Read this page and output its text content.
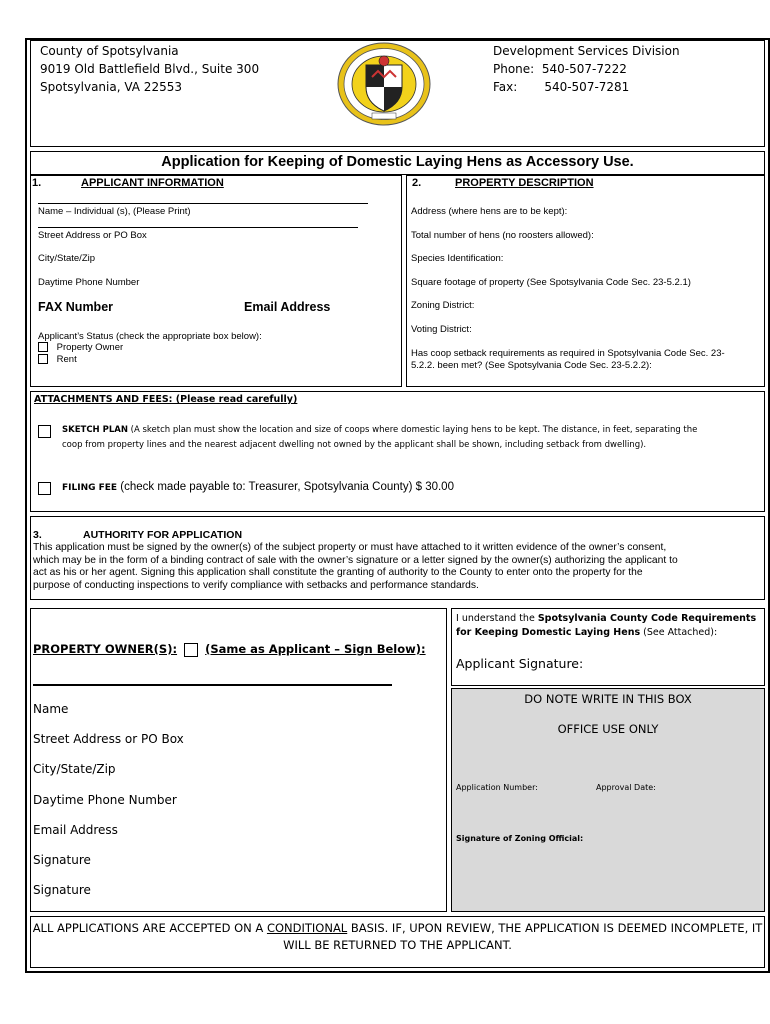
County of Spotsylvania
9019 Old Battlefield Blvd., Suite 300
Spotsylvania, VA 22553
Development Services Division
Phone: 540-507-7222
Fax: 540-507-7281
Application for Keeping of Domestic Laying Hens as Accessory Use.
1.	APPLICANT INFORMATION
Name – Individual (s), (Please Print)
Street Address or PO Box
City/State/Zip
Daytime Phone Number
FAX Number	Email Address
Applicant’s Status (check the appropriate box below):
Property Owner
Rent
2.	PROPERTY DESCRIPTION
Address (where hens are to be kept):
Total number of hens (no roosters allowed):
Species Identification:
Square footage of property (See Spotsylvania Code Sec. 23-5.2.1)
Zoning District:
Voting District:
Has coop setback requirements as required in Spotsylvania Code Sec. 23-
5.2.2. been met? (See Spotsylvania Code Sec. 23-5.2.2):
ATTACHMENTS AND FEES: (Please read carefully)
SKETCH PLAN (A sketch plan must show the location and size of coops where domestic laying hens to be kept. The distance, in feet, separating the
coop from property lines and the nearest adjacent dwelling not owned by the applicant shall be shown, including setback from dwelling).
FILING FEE (check made payable to: Treasurer, Spotsylvania County) $ 30.00
3.	AUTHORITY FOR APPLICATION
This application must be signed by the owner(s) of the subject property or must have attached to it written evidence of the owner’s consent,
which may be in the form of a binding contract of sale with the owner’s signature or a letter signed by the owner(s) authorizing the applicant to
act as his or her agent. Signing this application shall constitute the granting of authority to the County to enter onto the property for the
purpose of conducting inspections to verify compliance with setbacks and performance standards.
PROPERTY OWNER(S): (Same as Applicant – Sign Below):
Name
Street Address or PO Box
City/State/Zip
Daytime Phone Number
Email Address
Signature
Signature
I understand the Spotsylvania County Code Requirements
for Keeping Domestic Laying Hens (See Attached):
Applicant Signature:
DO NOTE WRITE IN THIS BOX
OFFICE USE ONLY
Application Number:	Approval Date:
Signature of Zoning Official:
ALL APPLICATIONS ARE ACCEPTED ON A CONDITIONAL BASIS. IF, UPON REVIEW, THE APPLICATION IS DEEMED INCOMPLETE, IT
WILL BE RETURNED TO THE APPLICANT.
